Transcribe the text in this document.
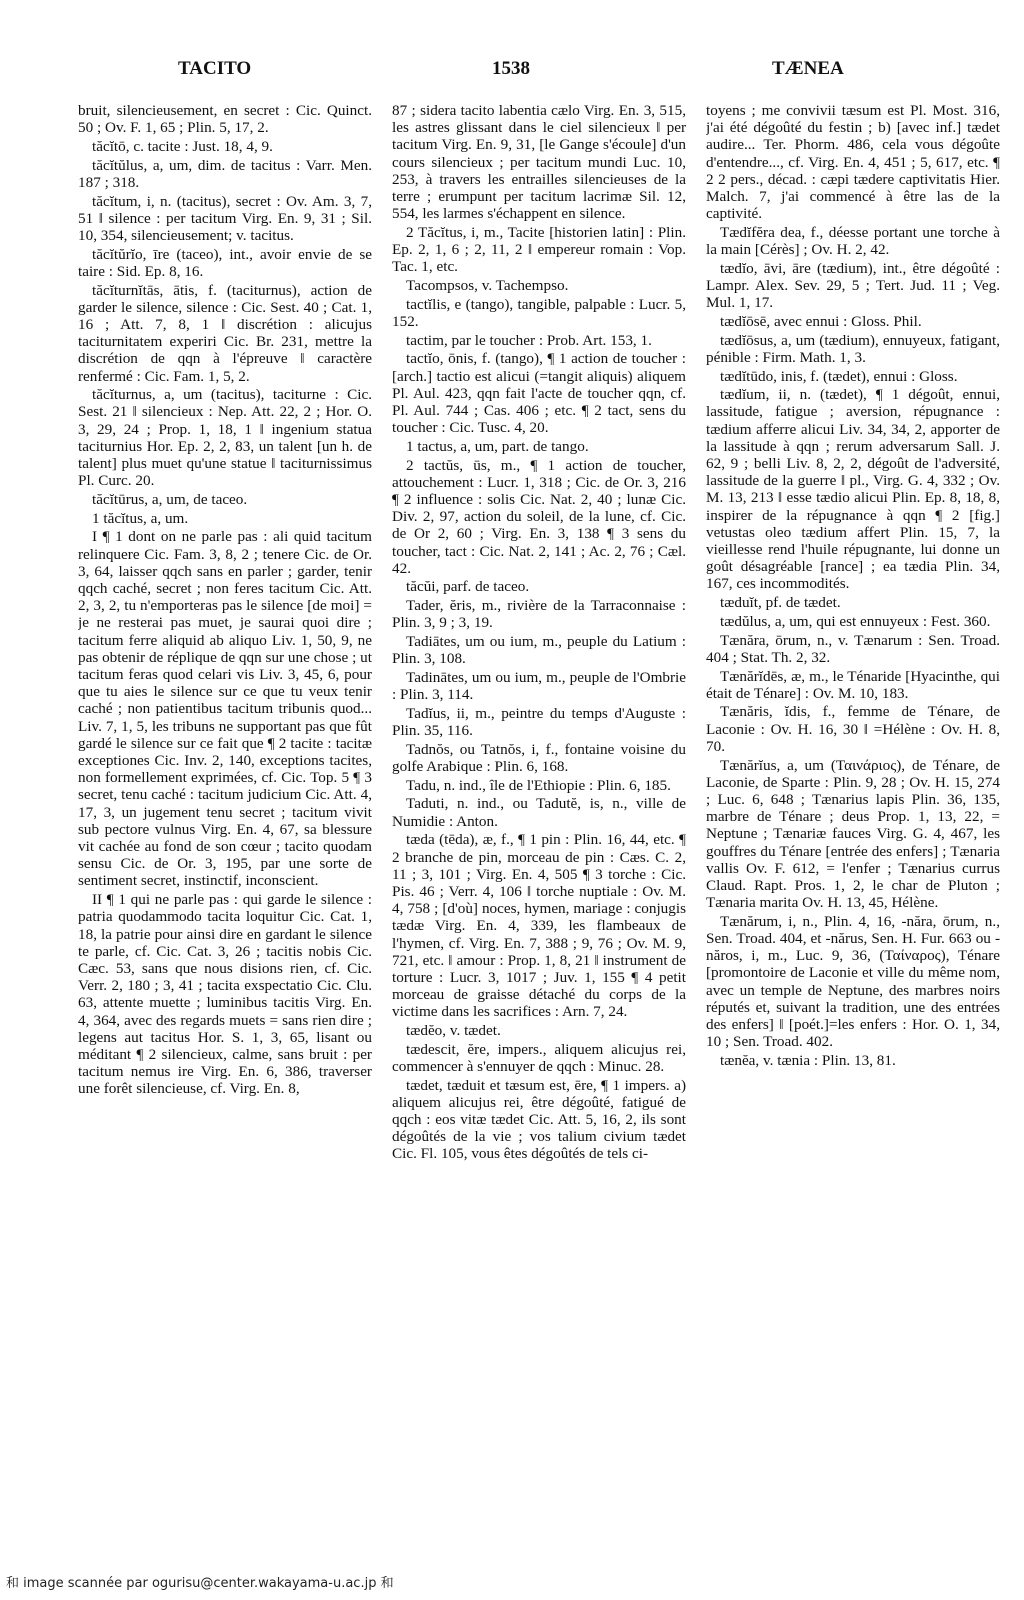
TACITO	1538	TÆNEA

bruit, silencieusement, en secret : Cic. Quinct. 50 ; Ov. F. 1, 65 ; Plin. 5, 17, 2.

tăcĭtō, c. tacite : Just. 18, 4, 9.

tăcĭtŭlus, a, um, dim. de tacitus : Varr. Men. 187 ; 318.

tăcĭtum, i, n. (tacitus), secret : Ov. Am. 3, 7, 51 ‖ silence : per tacitum Virg. En. 9, 31 ; Sil. 10, 354, silencieusement; v. tacitus.

tăcĭtŭrĭo, īre (taceo), int., avoir envie de se taire : Sid. Ep. 8, 16.

tăcĭturnĭtās, ātis, f. (taciturnus), action de garder le silence, silence : Cic. Sest. 40 ; Cat. 1, 16 ; Att. 7, 8, 1 ‖ discrétion : alicujus taciturnitatem experiri Cic. Br. 231, mettre la discrétion de qqn à l'épreuve ‖ caractère renfermé : Cic. Fam. 1, 5, 2.

tăcĭturnus, a, um (tacitus), taciturne : Cic. Sest. 21 ‖ silencieux : Nep. Att. 22, 2 ; Hor. O. 3, 29, 24 ; Prop. 1, 18, 1 ‖ ingenium statua taciturnius Hor. Ep. 2, 2, 83, un talent [un h. de talent] plus muet qu'une statue ‖ taciturnissimus Pl. Curc. 20.

tăcĭtūrus, a, um, de taceo.

1 tăcĭtus, a, um.

I ¶ 1 dont on ne parle pas : ali quid tacitum relinquere Cic. Fam. 3, 8, 2 ; tenere Cic. de Or. 3, 64, laisser qqch sans en parler ; garder, tenir qqch caché, secret ; non feres tacitum Cic. Att. 2, 3, 2, tu n'emporteras pas le silence [de moi] = je ne resterai pas muet, je saurai quoi dire ; tacitum ferre aliquid ab aliquo Liv. 1, 50, 9, ne pas obtenir de réplique de qqn sur une chose ; ut tacitum feras quod celari vis Liv. 3, 45, 6, pour que tu aies le silence sur ce que tu veux tenir caché ; non patientibus tacitum tribunis quod... Liv. 7, 1, 5, les tribuns ne supportant pas que fût gardé le silence sur ce fait que ¶ 2 tacite : tacitæ exceptiones Cic. Inv. 2, 140, exceptions tacites, non formellement exprimées, cf. Cic. Top. 5 ¶ 3 secret, tenu caché : tacitum judicium Cic. Att. 4, 17, 3, un jugement tenu secret ; tacitum vivit sub pectore vulnus Virg. En. 4, 67, sa blessure vit cachée au fond de son cœur ; tacito quodam sensu Cic. de Or. 3, 195, par une sorte de sentiment secret, instinctif, inconscient.

II ¶ 1 qui ne parle pas : qui garde le silence : patria quodammodo tacita loquitur Cic. Cat. 1, 18, la patrie pour ainsi dire en gardant le silence te parle, cf. Cic. Cat. 3, 26 ; tacitis nobis Cic. Cæc. 53, sans que nous disions rien, cf. Cic. Verr. 2, 180 ; 3, 41 ; tacita exspectatio Cic. Clu. 63, attente muette ; luminibus tacitis Virg. En. 4, 364, avec des regards muets = sans rien dire ; legens aut tacitus Hor. S. 1, 3, 65, lisant ou méditant ¶ 2 silencieux, calme, sans bruit : per tacitum nemus ire Virg. En. 6, 386, traverser une forêt silencieuse, cf. Virg. En. 8,

87 ; sidera tacito labentia cælo Virg. En. 3, 515, les astres glissant dans le ciel silencieux ‖ per tacitum Virg. En. 9, 31, [le Gange s'écoule] d'un cours silencieux ; per tacitum mundi Luc. 10, 253, à travers les entrailles silencieuses de la terre ; erumpunt per tacitum lacrimæ Sil. 12, 554, les larmes s'échappent en silence.

2 Tăcĭtus, i, m., Tacite [historien latin] : Plin. Ep. 2, 1, 6 ; 2, 11, 2 ‖ empereur romain : Vop. Tac. 1, etc.

Tacompsos, v. Tachempso.

tactĭlis, e (tango), tangible, palpable : Lucr. 5, 152.

tactim, par le toucher : Prob. Art. 153, 1.

tactĭo, ōnis, f. (tango), ¶ 1 action de toucher : [arch.] tactio est alicui (=tangit aliquis) aliquem Pl. Aul. 423, qqn fait l'acte de toucher qqn, cf. Pl. Aul. 744 ; Cas. 406 ; etc. ¶ 2 tact, sens du toucher : Cic. Tusc. 4, 20.

1 tactus, a, um, part. de tango.

2 tactŭs, ūs, m., ¶ 1 action de toucher, attouchement : Lucr. 1, 318 ; Cic. de Or. 3, 216 ¶ 2 influence : solis Cic. Nat. 2, 40 ; lunæ Cic. Div. 2, 97, action du soleil, de la lune, cf. Cic. de Or 2, 60 ; Virg. En. 3, 138 ¶ 3 sens du toucher, tact : Cic. Nat. 2, 141 ; Ac. 2, 76 ; Cæl. 42.

tăcŭi, parf. de taceo.

Tader, ĕris, m., rivière de la Tarraconnaise : Plin. 3, 9 ; 3, 19.

Tadiātes, um ou ium, m., peuple du Latium : Plin. 3, 108.

Tadinātes, um ou ium, m., peuple de l'Ombrie : Plin. 3, 114.

Tadĭus, ii, m., peintre du temps d'Auguste : Plin. 35, 116.

Tadnŏs, ou Tatnŏs, i, f., fontaine voisine du golfe Arabique : Plin. 6, 168.

Tadu, n. ind., île de l'Ethiopie : Plin. 6, 185.

Taduti, n. ind., ou Tadutĕ, is, n., ville de Numidie : Anton.

tæda (tēda), æ, f., ¶ 1 pin : Plin. 16, 44, etc. ¶ 2 branche de pin, morceau de pin : Cæs. C. 2, 11 ; 3, 101 ; Virg. En. 4, 505 ¶ 3 torche : Cic. Pis. 46 ; Verr. 4, 106 ‖ torche nuptiale : Ov. M. 4, 758 ; [d'où] noces, hymen, mariage : conjugis tædæ Virg. En. 4, 339, les flambeaux de l'hymen, cf. Virg. En. 7, 388 ; 9, 76 ; Ov. M. 9, 721, etc. ‖ amour : Prop. 1, 8, 21 ‖ instrument de torture : Lucr. 3, 1017 ; Juv. 1, 155 ¶ 4 petit morceau de graisse détaché du corps de la victime dans les sacrifices : Arn. 7, 24.

tædĕo, v. tædet.

tædescit, ĕre, impers., aliquem alicujus rei, commencer à s'ennuyer de qqch : Minuc. 28.

tædet, tæduit et tæsum est, ēre, ¶ 1 impers. a) aliquem alicujus rei, être dégoûté, fatigué de qqch : eos vitæ tædet Cic. Att. 5, 16, 2, ils sont dégoûtés de la vie ; vos talium civium tædet Cic. Fl. 105, vous êtes dégoûtés de tels ci-

toyens ; me convivii tæsum est Pl. Most. 316, j'ai été dégoûté du festin ; b) [avec inf.] tædet audire... Ter. Phorm. 486, cela vous dégoûte d'entendre..., cf. Virg. En. 4, 451 ; 5, 617, etc. ¶ 2 2 pers., décad. : cæpi tædere captivitatis Hier. Malch. 7, j'ai commencé à être las de la captivité.

Tædĭfĕra dea, f., déesse portant une torche à la main [Cérès] ; Ov. H. 2, 42.

tædĭo, āvi, āre (tædium), int., être dégoûté : Lampr. Alex. Sev. 29, 5 ; Tert. Jud. 11 ; Veg. Mul. 1, 17.

tædĭōsē, avec ennui : Gloss. Phil.

tædĭōsus, a, um (tædium), ennuyeux, fatigant, pénible : Firm. Math. 1, 3.

tædĭtūdo, inis, f. (tædet), ennui : Gloss.

tædĭum, ii, n. (tædet), ¶ 1 dégoût, ennui, lassitude, fatigue ; aversion, répugnance : tædium afferre alicui Liv. 34, 34, 2, apporter de la lassitude à qqn ; rerum adversarum Sall. J. 62, 9 ; belli Liv. 8, 2, 2, dégoût de l'adversité, lassitude de la guerre ‖ pl., Virg. G. 4, 332 ; Ov. M. 13, 213 ‖ esse tædio alicui Plin. Ep. 8, 18, 8, inspirer de la répugnance à qqn ¶ 2 [fig.] vetustas oleo tædium affert Plin. 15, 7, la vieillesse rend l'huile répugnante, lui donne un goût désagréable [rance] ; ea tædia Plin. 34, 167, ces incommodités.

tæduĭt, pf. de tædet.

tædŭlus, a, um, qui est ennuyeux : Fest. 360.

Tænăra, ōrum, n., v. Tænarum : Sen. Troad. 404 ; Stat. Th. 2, 32.

Tænărĭdēs, æ, m., le Ténaride [Hyacinthe, qui était de Ténare] : Ov. M. 10, 183.

Tænăris, ĭdis, f., femme de Ténare, de Laconie : Ov. H. 16, 30 ‖ =Hélène : Ov. H. 8, 70.

Tænărĭus, a, um (Ταινάριος), de Ténare, de Laconie, de Sparte : Plin. 9, 28 ; Ov. H. 15, 274 ; Luc. 6, 648 ; Tænarius lapis Plin. 36, 135, marbre de Ténare ; deus Prop. 1, 13, 22, = Neptune ; Tænariæ fauces Virg. G. 4, 467, les gouffres du Ténare [entrée des enfers] ; Tænaria vallis Ov. F. 612, = l'enfer ; Tænarius currus Claud. Rapt. Pros. 1, 2, le char de Pluton ; Tænaria marita Ov. H. 13, 45, Hélène.

Tænărum, i, n., Plin. 4, 16, -năra, ōrum, n., Sen. Troad. 404, et -nărus, Sen. H. Fur. 663 ou -năros, i, m., Luc. 9, 36, (Ταίναρος), Ténare [promontoire de Laconie et ville du même nom, avec un temple de Neptune, des marbres noirs réputés et, suivant la tradition, une des entrées des enfers] ‖ [poét.]=les enfers : Hor. O. 1, 34, 10 ; Sen. Troad. 402.

tænĕa, v. tænia : Plin. 13, 81.

和 image scannée par ogurisu@center.wakayama-u.ac.jp 和
